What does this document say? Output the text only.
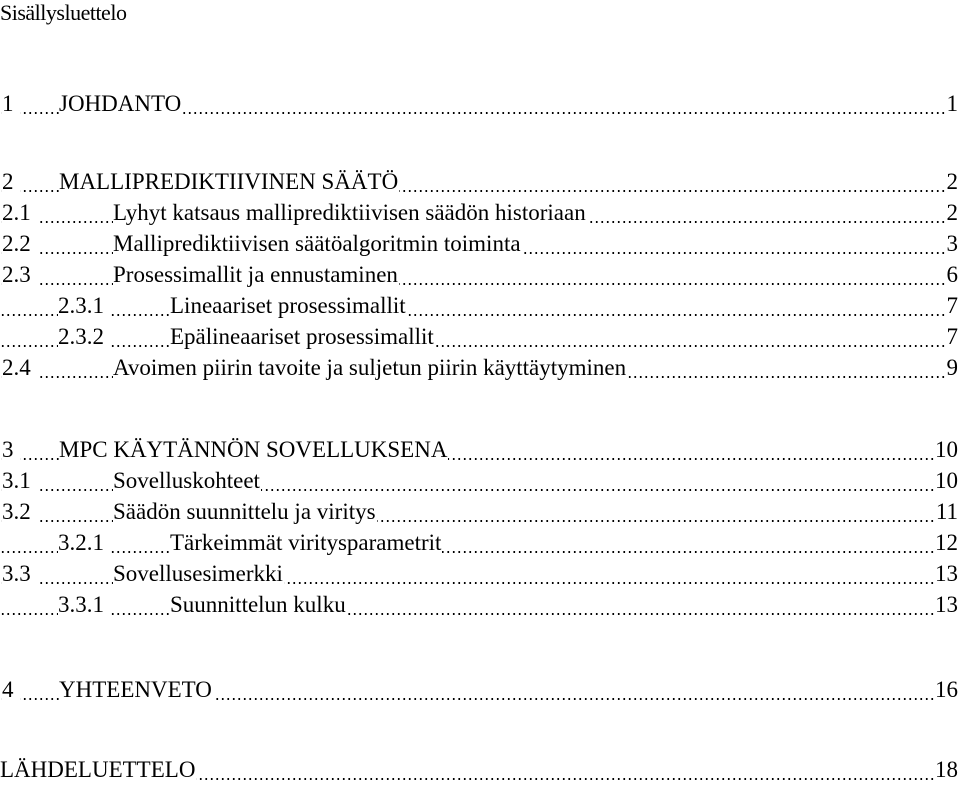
Sisällysluettelo
1 JOHDANTO	1
2 MALLIPREDIKTIIVINEN SÄÄTÖ	2
2.1	Lyhyt katsaus malliprediktiivisen säädön historiaan	2
2.2	Malliprediktiivisen säätöalgoritmin toiminta	3
2.3	Prosessimallit ja ennustaminen	6
2.3.1	Lineaariset prosessimallit	7
2.3.2	Epälineaariset prosessimallit	7
2.4	Avoimen piirin tavoite ja suljetun piirin käyttäytyminen	9
3 MPC KÄYTÄNNÖN SOVELLUKSENA	10
3.1	Sovelluskohteet	10
3.2	Säädön suunnittelu ja viritys	11
3.2.1	Tärkeimmät viritysparametrit	12
3.3	Sovellusesimerkki	13
3.3.1	Suunnittelun kulku	13
4 YHTEENVETO	16
LÄHDELUETTELO	18
